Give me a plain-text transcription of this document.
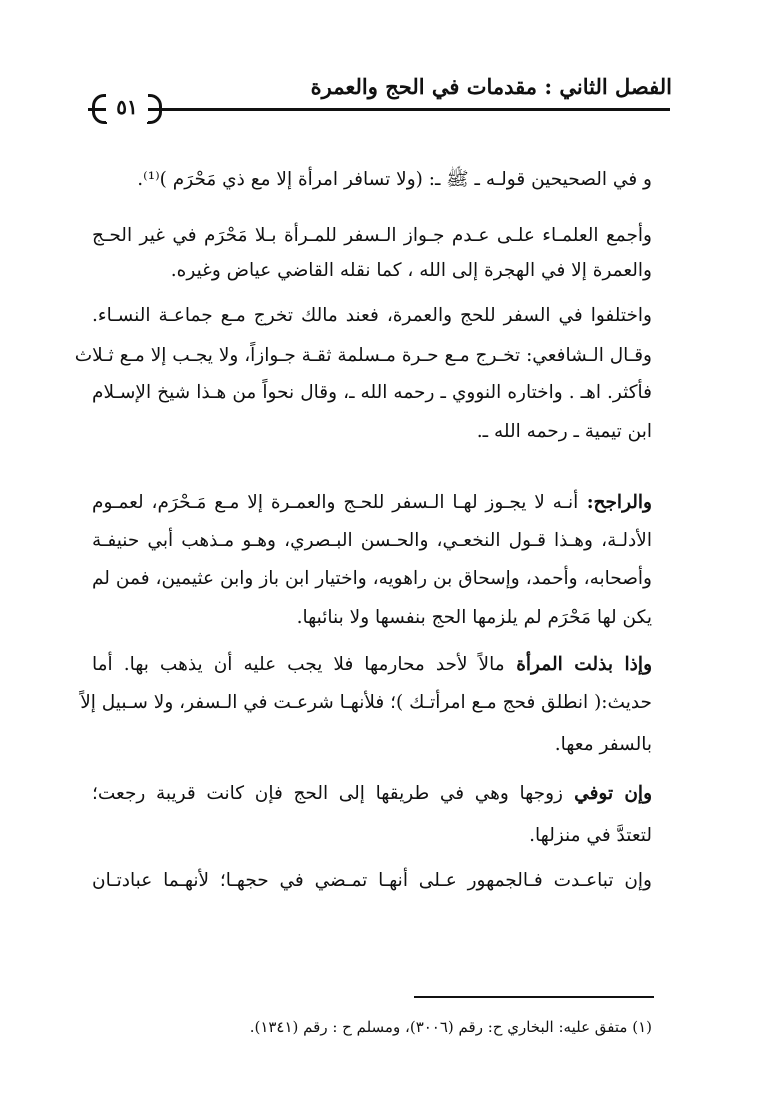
الفصل الثاني : مقدمات في الحج والعمرة
٥١
و في الصحيحين قولـه ـ ﷺ ـ: (ولا تسافر امرأة إلا مع ذي مَحْرَم )⁽¹⁾.
وأجمع العلمـاء علـى عـدم جـواز الـسفر للمـرأة بـلا مَحْرَم في غير الحـج
والعمرة إلا في الهجرة إلى الله ، كما نقله القاضي عياض وغيره.
واختلفوا في السفر للحج والعمرة، فعند مالك تخرج مـع جماعـة النسـاء.
وقـال الـشافعي: تخـرج مـع حـرة مـسلمة ثقـة جـوازاً، ولا يجـب إلا مـع ثـلاث
فأكثر. اهـ . واختاره النووي ـ رحمه الله ـ، وقال نحواً من هـذا شيخ الإسـلام
ابن تيمية ـ رحمه الله ـ.
والراجح: أنـه لا يجـوز لهـا الـسفر للحـج والعمـرة إلا مـع مَـحْرَم، لعمـوم
الأدلـة، وهـذا قـول النخعـي، والحـسن البـصري، وهـو مـذهب أبي حنيفـة
وأصحابه، وأحمد، وإسحاق بن راهويه، واختيار ابن باز وابن عثيمين، فمن لم
يكن لها مَحْرَم لم يلزمها الحج بنفسها ولا بنائبها.
وإذا بذلت المرأة مالاً لأحد محارمها فلا يجب عليه أن يذهب بها. أما
حديث:( انطلق فحج مـع امرأتـك )؛ فلأنهـا شرعـت في الـسفر، ولا سـبيل إلاً
بالسفر معها.
وإن توفي زوجها وهي في طريقها إلى الحج فإن كانت قريبة رجعت؛
لتعتدَّ في منزلها.
وإن تباعـدت فـالجمهور عـلى أنهـا تمـضي في حجهـا؛ لأنهـما عبادتـان
(١) متفق عليه: البخاري ح: رقم (٣٠٠٦)، ومسلم ح : رقم (١٣٤١).
